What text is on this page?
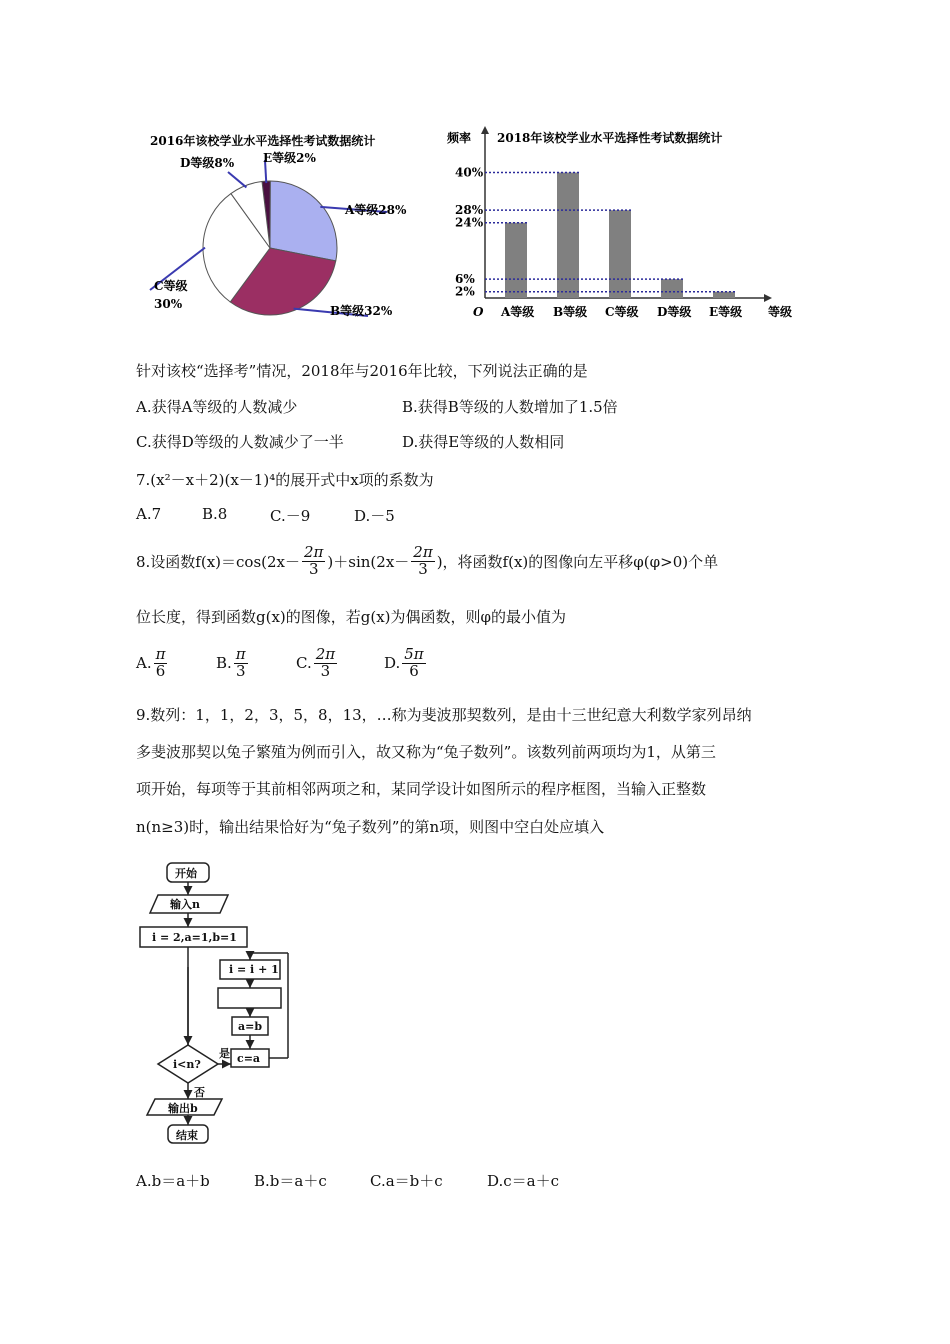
2016年该校学业水平选择性考试数据统计
A等级28%
B等级32%
C等级
30%
D等级8% E等级2%
频率 2018年该校学业水平选择性考试数据统计
O A等级 B等级 C等级 D等级 E等级
40%
28%
24%
6%
2%
等级
针对该校“选择考”情况，2018年与2016年比较，下列说法正确的是
A.获得A等级的人数减少	B.获得B等级的人数增加了1.5倍
C.获得D等级的人数减少了一半	D.获得E等级的人数相同
7.(x²－x＋2)(x－1)⁴的展开式中x项的系数为
A.7	B.8	C.－9	D.－5
8.设函数$f(x)=\cos(2x- \frac{2\pi}{3} )+\sin(2x- \frac{2\pi}{3}$ )，将函数f(x)的图像向左平移φ(φ>0)个单
位长度，得到函数g(x)的图像，若g(x)为偶函数，则φ的最小值为
A. $\frac{\pi}{6}$	B. $\frac{\pi}{3}$	C. $\frac{2\pi}{3}$	D. $\frac{5\pi}{6}$
9.数列：1，1，2，3，5，8，13，…称为斐波那契数列，是由十三世纪意大利数学家列昂纳
多斐波那契以兔子繁殖为例而引入，故又称为“兔子数列”。该数列前两项均为1，从第三
项开始，每项等于其前相邻两项之和，某同学设计如图所示的程序框图，当输入正整数
n(n≥3)时，输出结果恰好为“兔子数列”的第n项，则图中空白处应填入
开始
输入n
i = 2,a=1,b=1
i = i + 1
a=b
i<n?
是
否
c=a
输出b
结束
A.b＝a＋b	B.b＝a＋c	C.a＝b＋c	D.c＝a＋c
